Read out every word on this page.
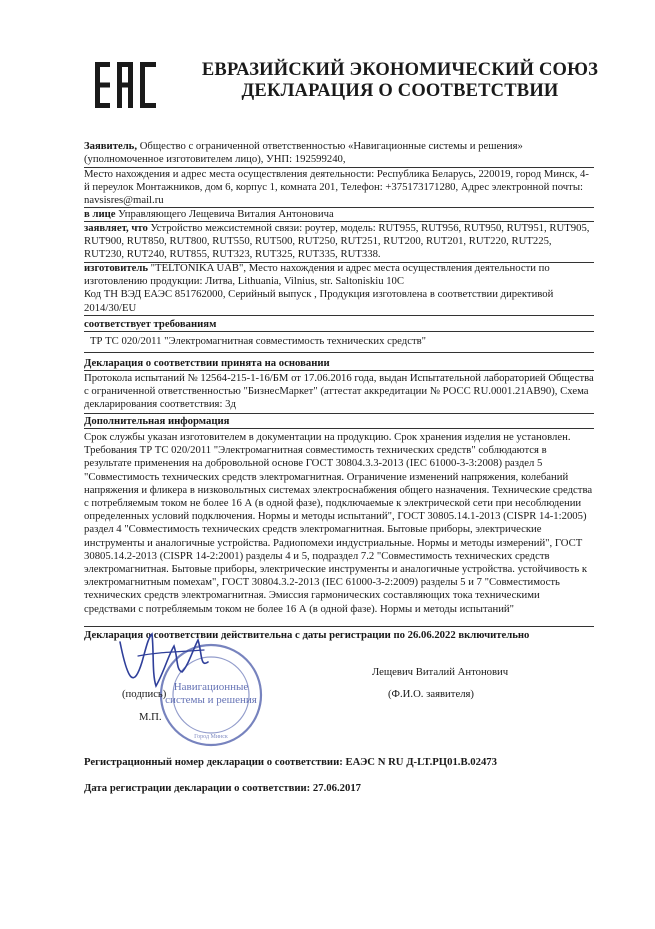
ЕВРАЗИЙСКИЙ ЭКОНОМИЧЕСКИЙ СОЮЗ
ДЕКЛАРАЦИЯ О СООТВЕТСТВИИ

Заявитель, Общество с ограниченной ответственностью «Навигационные системы и решения» (уполномоченное изготовителем лицо), УНП: 192599240,

Место нахождения и адрес места осуществления деятельности: Республика Беларусь, 220019, город Минск, 4-й переулок Монтажников, дом 6, корпус 1, комната 201, Телефон: +375173171280, Адрес электронной почты: navsisres@mail.ru

в лице Управляющего Лещевича Виталия Антоновича

заявляет, что Устройство межсистемной связи: роутер, модель: RUT955, RUT956, RUT950, RUT951, RUT905, RUT900, RUT850, RUT800, RUT550, RUT500, RUT250, RUT251, RUT200, RUT201, RUT220, RUT225, RUT230, RUT240, RUT855, RUT323, RUT325, RUT335, RUT338.

изготовитель "TELTONIKA UAB", Место нахождения и адрес места осуществления деятельности по изготовлению продукции: Литва, Lithuania, Vilnius, str. Saltoniskiu 10C

Код ТН ВЭД ЕАЭС 851762000, Серийный выпуск , Продукция изготовлена в соответствии директивой 2014/30/EU

соответствует требованиям

ТР ТС 020/2011 "Электромагнитная совместимость технических средств"

Декларация о соответствии принята на основании

Протокола испытаний № 12564-215-1-16/БМ от 17.06.2016 года, выдан Испытательной лабораторией Общества с ограниченной ответственностью "БизнесМаркет" (аттестат аккредитации № РОСС RU.0001.21АВ90), Схема декларирования соответствия: 3д

Дополнительная информация

Срок службы указан изготовителем в документации на продукцию. Срок хранения изделия не установлен. Требования ТР ТС 020/2011 "Электромагнитная совместимость технических средств" соблюдаются в результате применения на добровольной основе ГОСТ 30804.3.3-2013 (IEC 61000-3-3:2008) раздел 5 "Совместимость технических средств электромагнитная. Ограничение изменений напряжения, колебаний напряжения и фликера в низковольтных системах электроснабжения общего назначения. Технические средства с потребляемым током не более 16 А (в одной фазе), подключаемые к электрической сети при несоблюдении определенных условий подключения. Нормы и методы испытаний", ГОСТ 30805.14.1-2013 (CISPR 14-1:2005) раздел 4 "Совместимость технических средств электромагнитная. Бытовые приборы, электрические инструменты и аналогичные устройства. Радиопомехи индустриальные. Нормы и методы измерений", ГОСТ 30805.14.2-2013 (CISPR 14-2:2001) разделы 4 и 5, подраздел 7.2 "Совместимость технических средств электромагнитная. Бытовые приборы, электрические инструменты и аналогичные устройства. устойчивость к электромагнитным помехам", ГОСТ 30804.3.2-2013 (IEC 61000-3-2:2009) разделы 5 и 7 "Совместимость технических средств электромагнитная. Эмиссия гармонических составляющих тока техническими средствами с потребляемым током не более 16 А (в одной фазе). Нормы и методы испытаний"

Декларация о соответствии действительна с даты регистрации по 26.06.2022 включительно

Навигационные
системы и решения
Город Минск
Лещевич Виталий Антонович
(подпись)	(Ф.И.О. заявителя)
М.П.

Регистрационный номер декларации о соответствии: ЕАЭС N RU Д-LT.РЦ01.В.02473

Дата регистрации декларации о соответствии: 27.06.2017
